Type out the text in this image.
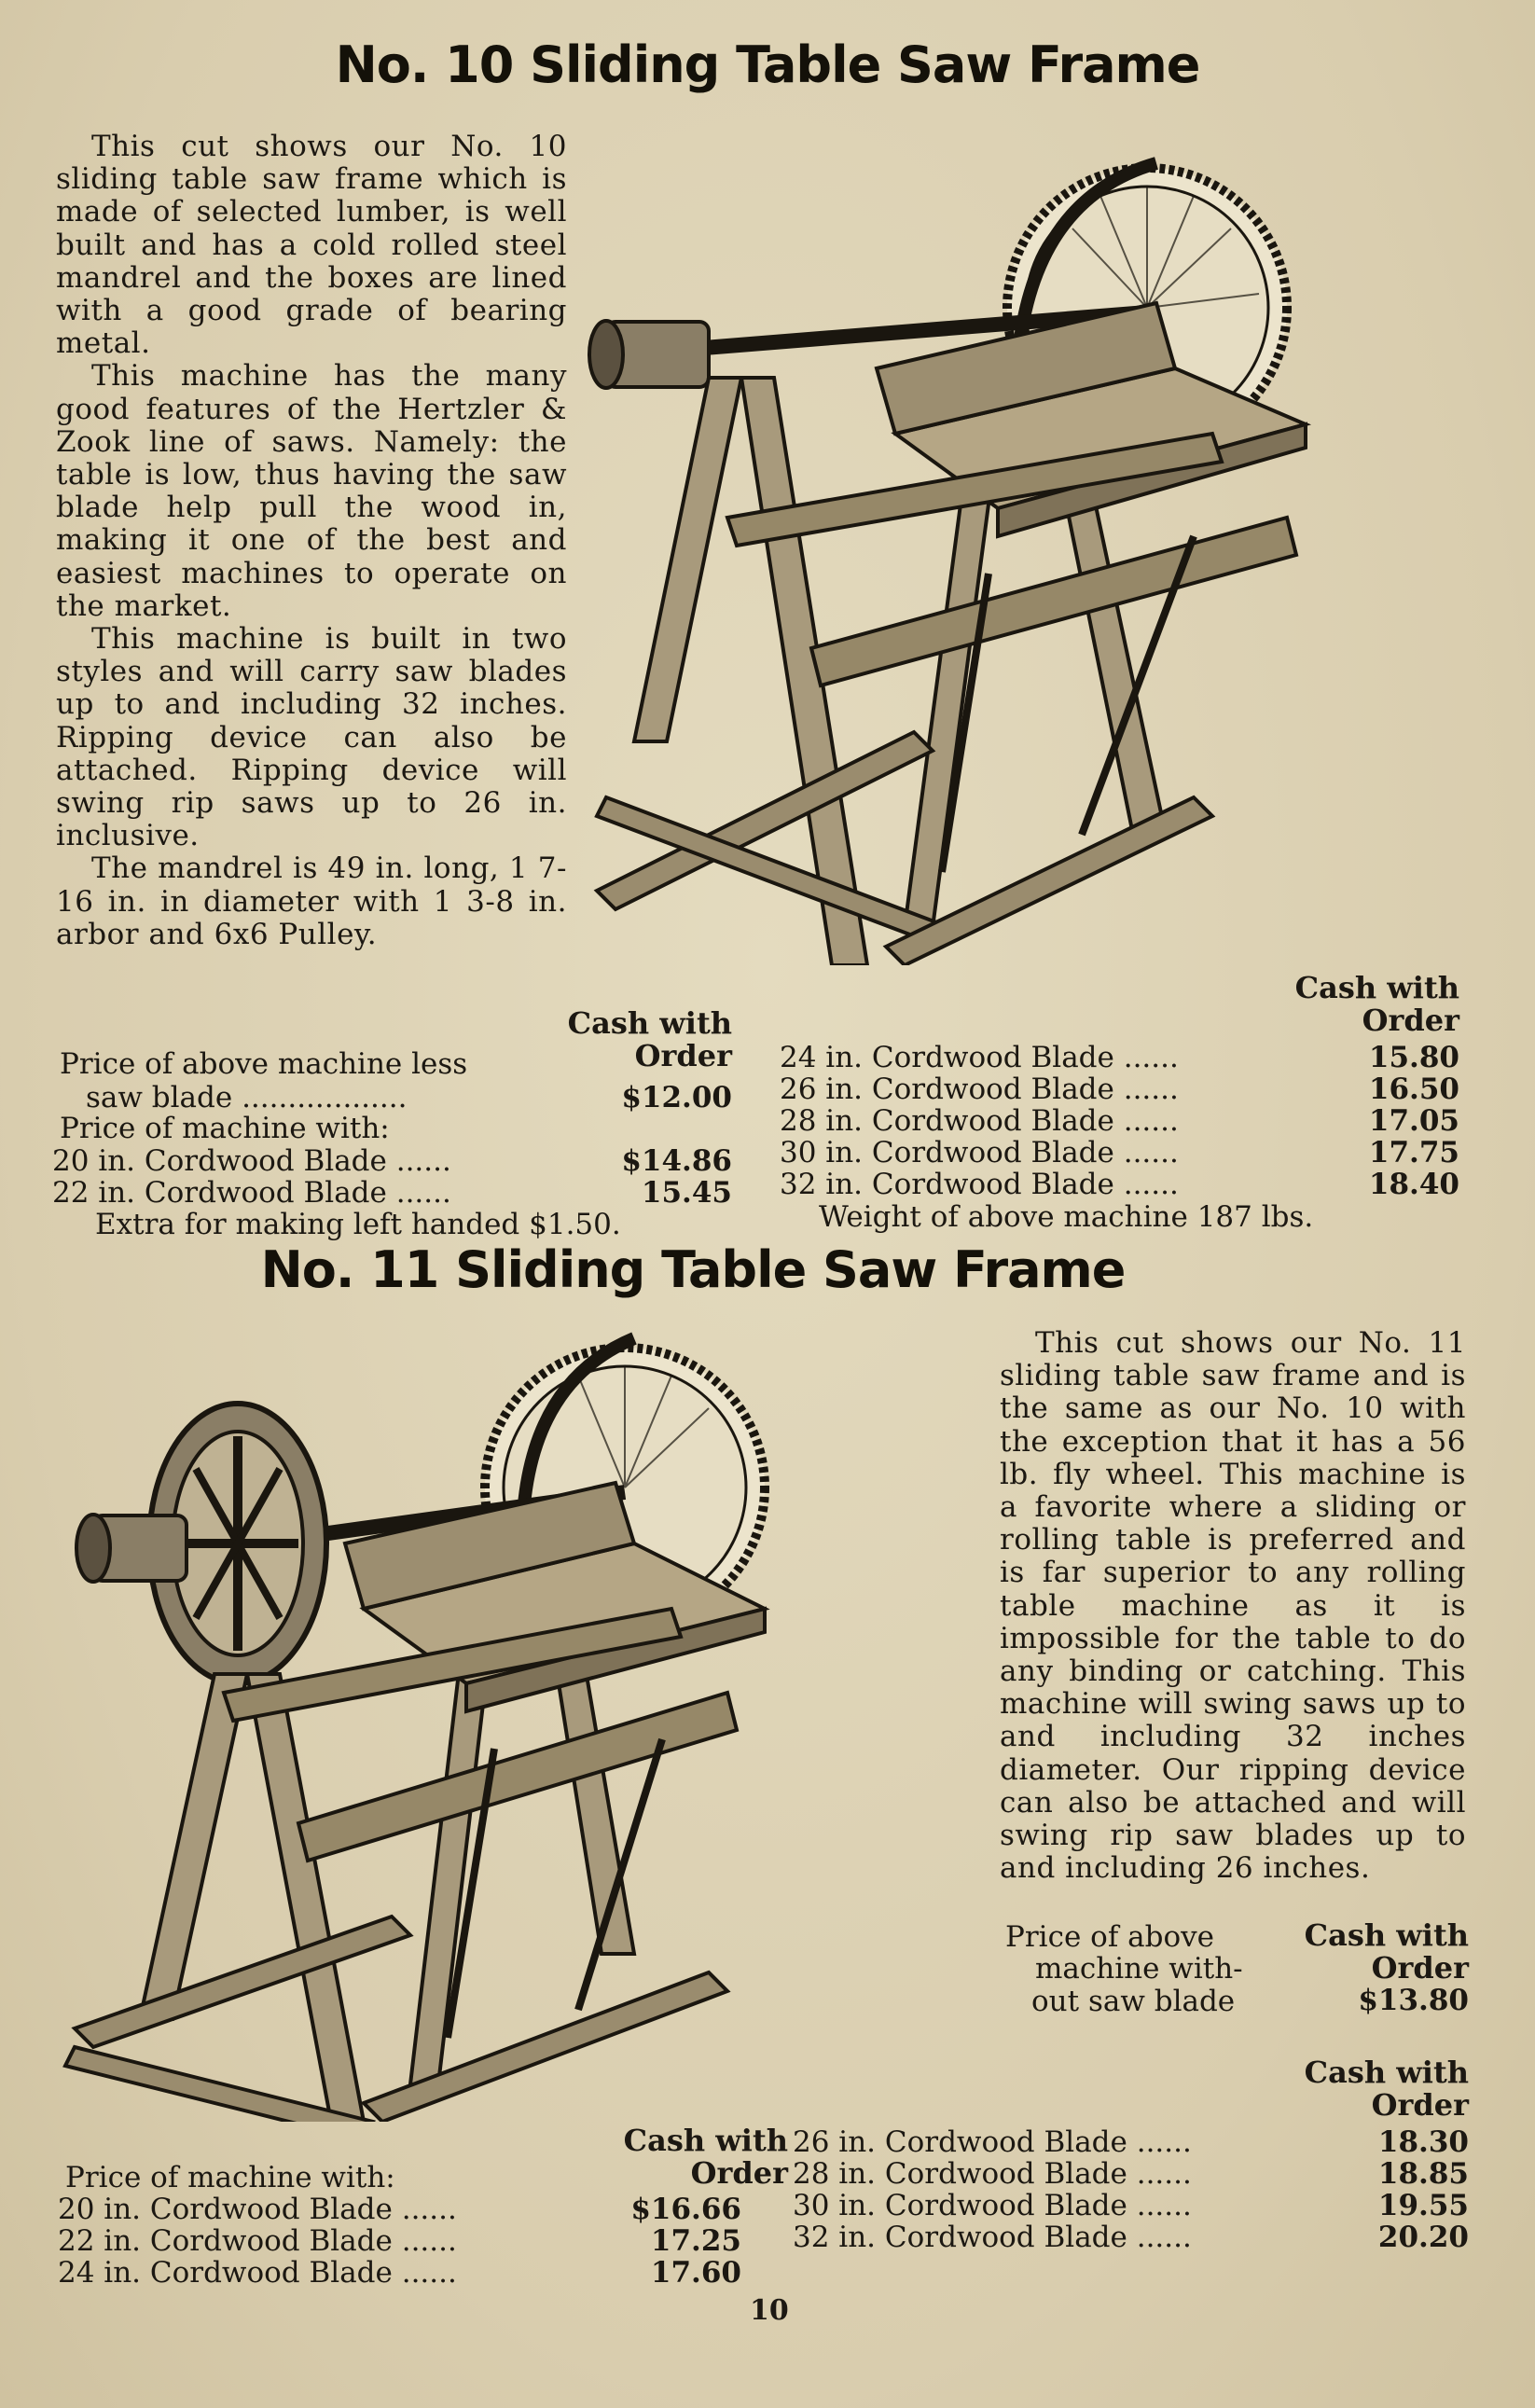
No. 10 Sliding Table Saw Frame

This cut shows our No. 10 sliding table saw frame which is made of selected lumber, is well built and has a cold rolled steel mandrel and the boxes are lined with a good grade of bearing metal.

This machine has the many good features of the Hertzler & Zook line of saws. Namely: the table is low, thus having the saw blade help pull the wood in, making it one of the best and easiest machines to operate on the market.

This machine is built in two styles and will carry saw blades up to and including 32 inches. Ripping device can also be attached. Ripping device will swing rip saws up to 26 in. inclusive.

The mandrel is 49 in. long, 1 7-16 in. in diameter with 1 3-8 in. arbor and 6x6 Pulley.

Cash with
Order
Cash with
Order
Price of above machine less
saw blade ..................	$12.00
Price of machine with:
20 in. Cordwood Blade ......	$14.86
22 in. Cordwood Blade ......	15.45
Extra for making left handed $1.50.
24 in. Cordwood Blade ......	15.80
26 in. Cordwood Blade ......	16.50
28 in. Cordwood Blade ......	17.05
30 in. Cordwood Blade ......	17.75
32 in. Cordwood Blade ......	18.40
Weight of above machine 187 lbs.
No. 11 Sliding Table Saw Frame

This cut shows our No. 11 sliding table saw frame and is the same as our No. 10 with the exception that it has a 56 lb. fly wheel. This machine is a favorite where a sliding or rolling table is preferred and is far superior to any rolling table machine as it is impossible for the table to do any binding or catching. This machine will swing saws up to and including 32 inches diameter. Our ripping device can also be attached and will swing rip saw blades up to and including 26 inches.

Price of above
machine with-
out saw blade
Cash with
Order
$13.80
Cash with
Order
Cash with
Order
Price of machine with:
20 in. Cordwood Blade ......	$16.66
22 in. Cordwood Blade ......	17.25
24 in. Cordwood Blade ......	17.60
26 in. Cordwood Blade ......	18.30
28 in. Cordwood Blade ......	18.85
30 in. Cordwood Blade ......	19.55
32 in. Cordwood Blade ......	20.20
10
